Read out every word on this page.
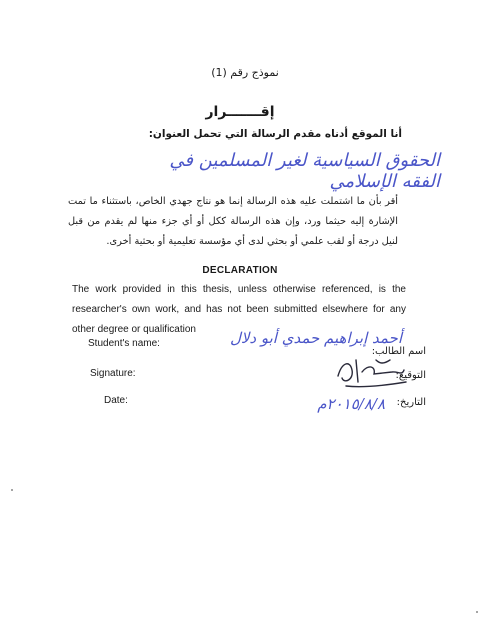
نموذج رقم (1)
إقـــــــرار
أنا الموقع أدناه مقدم الرسالة التي تحمل العنوان:
الحقوق السياسية لغير المسلمين في الفقه الإسلامي
أقر بأن ما اشتملت عليه هذه الرسالة إنما هو نتاج جهدي الخاص، باستثناء ما تمت الإشارة إليه حيثما ورد، وإن هذه الرسالة ككل أو أي جزء منها لم يقدم من قبل لنيل درجة أو لقب علمي أو بحثي لدى أي مؤسسة تعليمية أو بحثية أخرى.
DECLARATION
The work provided in this thesis, unless otherwise referenced, is the researcher's own work, and has not been submitted elsewhere for any other degree or qualification
Student's name:
اسم الطالب:
أحمد إبراهيم حمدي أبو دلال
Signature:	التوقيع:
Date:	التاريخ:
٢٠١٥/٨/٨م
